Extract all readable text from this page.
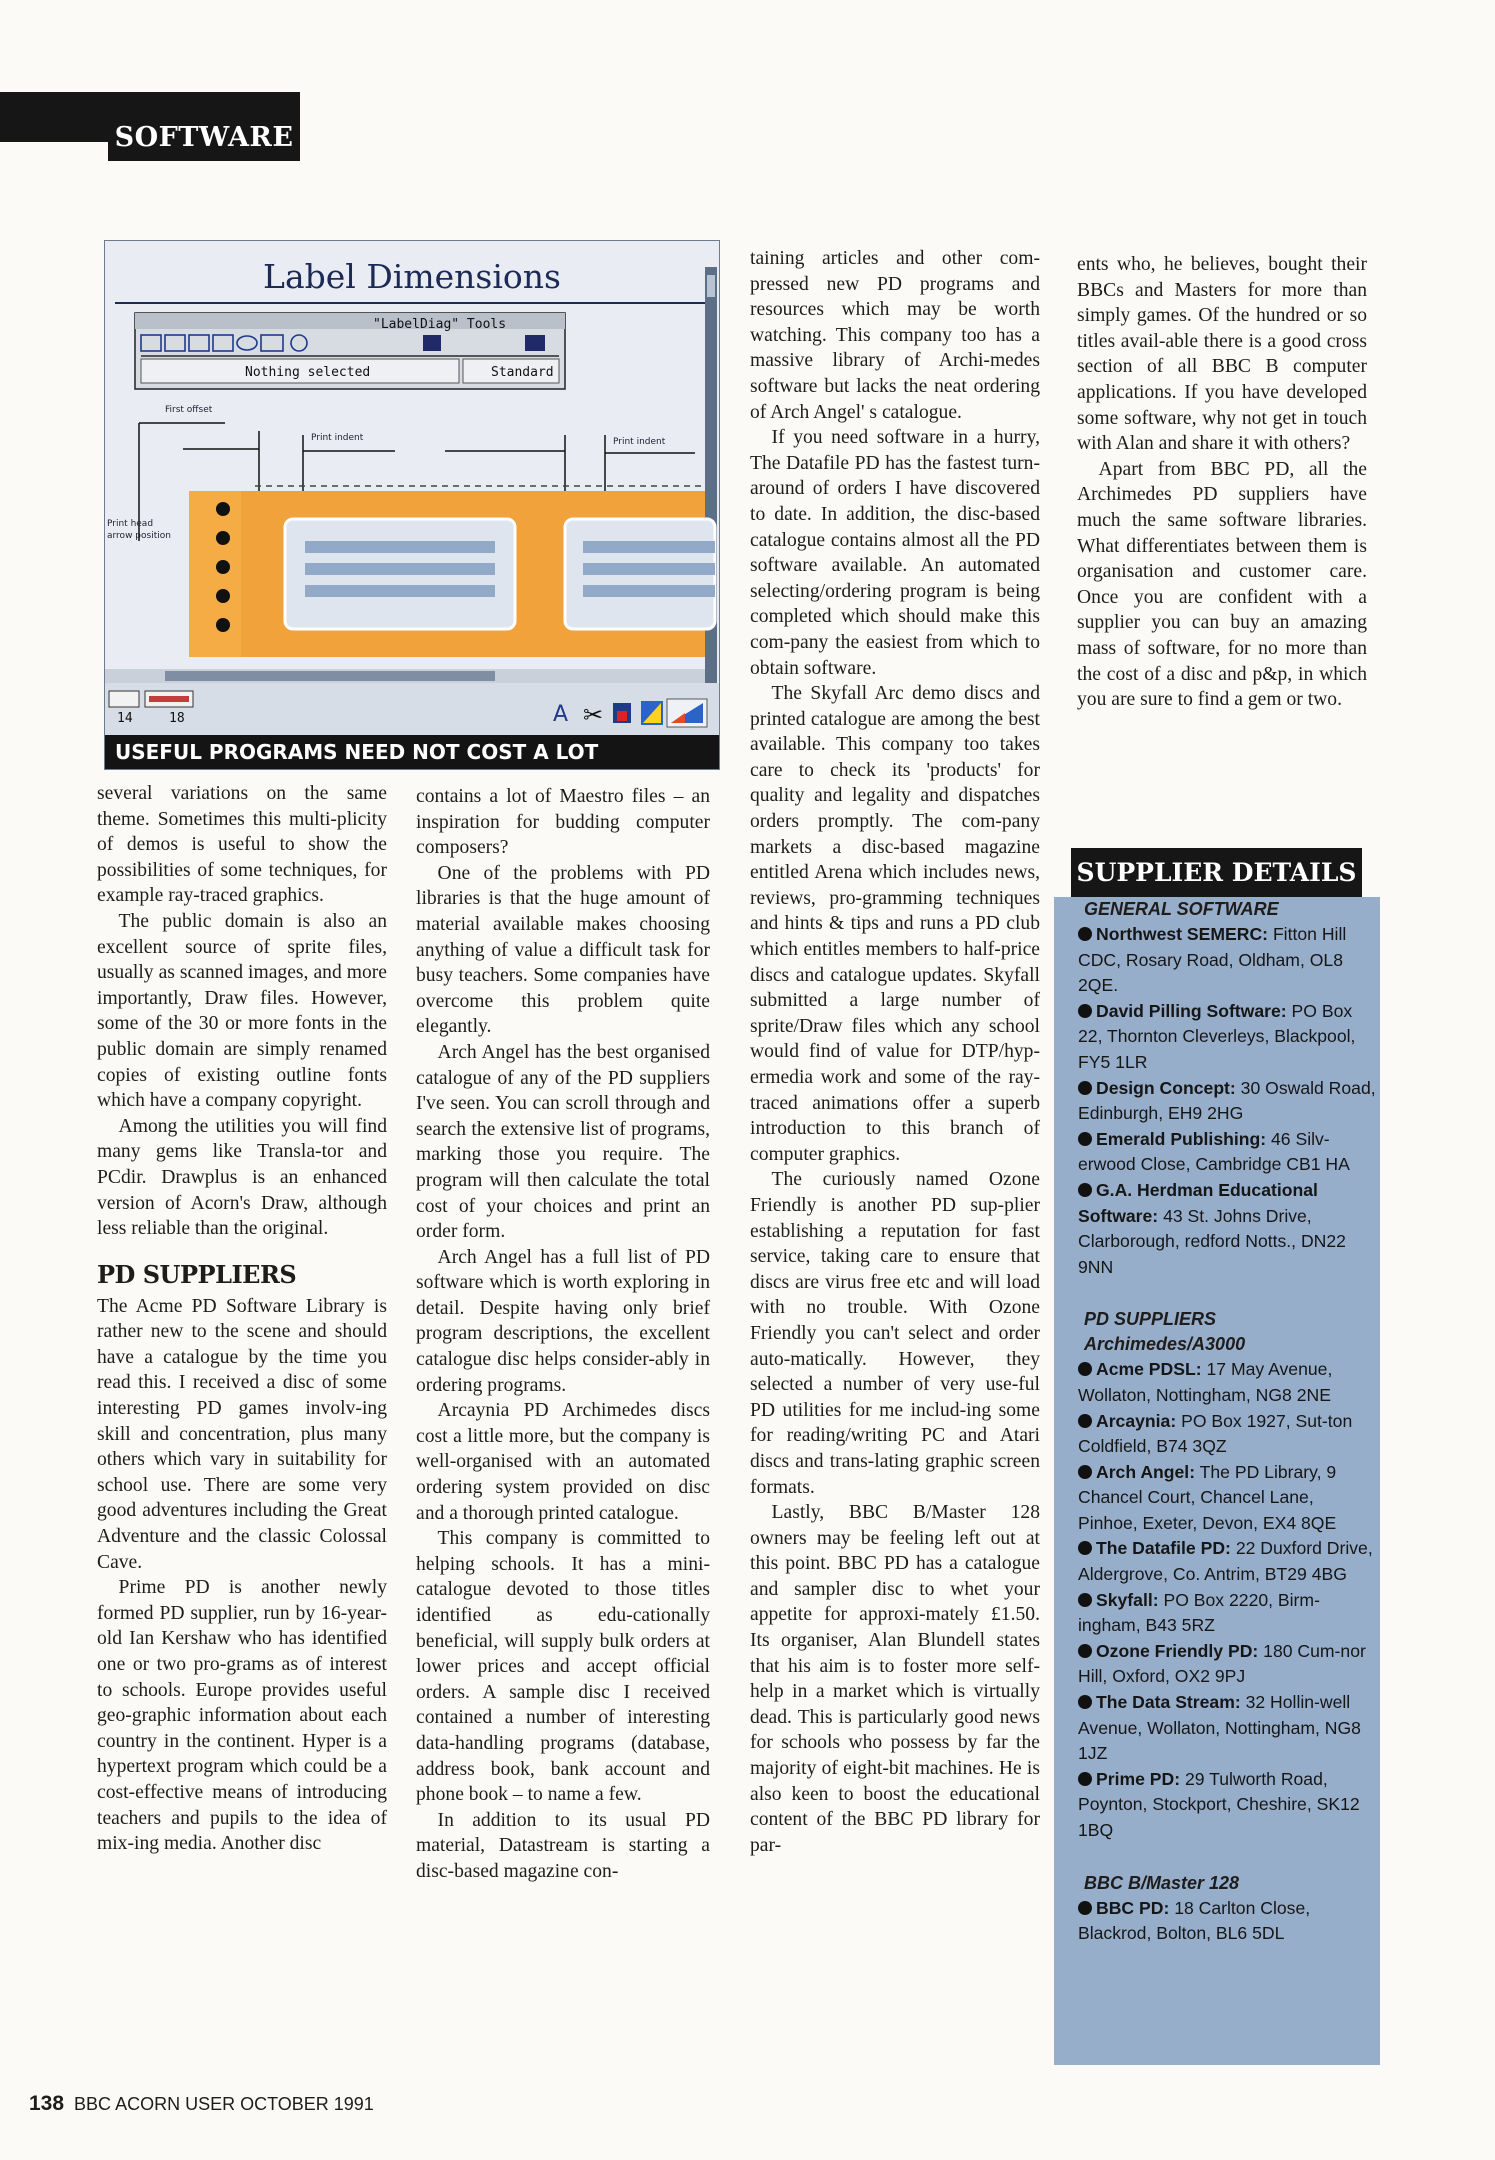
SOFTWARE
A ✂
Label Dimensions
"LabelDiag" Tools
Nothing selected	Standard
First offset
Print indent	Print indent
Print head
arrow position
14	18
USEFUL PROGRAMS NEED NOT COST A LOT

several variations on the same theme. Sometimes this multi-plicity of demos is useful to show the possibilities of some techniques, for example ray-traced graphics.

The public domain is also an excellent source of sprite files, usually as scanned images, and more importantly, Draw files. However, some of the 30 or more fonts in the public domain are simply renamed copies of existing outline fonts which have a company copyright.

Among the utilities you will find many gems like Transla-tor and PCdir. Drawplus is an enhanced version of Acorn's Draw, although less reliable than the original.

PD SUPPLIERS

The Acme PD Software Library is rather new to the scene and should have a catalogue by the time you read this. I received a disc of some interesting PD games involv-ing skill and concentration, plus many others which vary in suitability for school use. There are some very good adventures including the Great Adventure and the classic Colossal Cave.

Prime PD is another newly formed PD supplier, run by 16-year-old Ian Kershaw who has identified one or two pro-grams as of interest to schools. Europe provides useful geo-graphic information about each country in the continent. Hyper is a hypertext program which could be a cost-effective means of introducing teachers and pupils to the idea of mix-ing media. Another disc

contains a lot of Maestro files – an inspiration for budding computer composers?

One of the problems with PD libraries is that the huge amount of material available makes choosing anything of value a difficult task for busy teachers. Some companies have overcome this problem quite elegantly.

Arch Angel has the best organised catalogue of any of the PD suppliers I've seen. You can scroll through and search the extensive list of programs, marking those you require. The program will then calculate the total cost of your choices and print an order form.

Arch Angel has a full list of PD software which is worth exploring in detail. Despite having only brief program descriptions, the excellent catalogue disc helps consider-ably in ordering programs.

Arcaynia PD Archimedes discs cost a little more, but the company is well-organised with an automated ordering system provided on disc and a thorough printed catalogue.

This company is committed to helping schools. It has a mini-catalogue devoted to those titles identified as edu-cationally beneficial, will supply bulk orders at lower prices and accept official orders. A sample disc I received contained a number of interesting data-handling programs (database, address book, bank account and phone book – to name a few.

In addition to its usual PD material, Datastream is starting a disc-based magazine con-

taining articles and other com-pressed new PD programs and resources which may be worth watching. This company too has a massive library of Archi-medes software but lacks the neat ordering of Arch Angel' s catalogue.

If you need software in a hurry, The Datafile PD has the fastest turn-around of orders I have discovered to date. In addition, the disc-based catalogue contains almost all the PD software available. An automated selecting/ordering program is being completed which should make this com-pany the easiest from which to obtain software.

The Skyfall Arc demo discs and printed catalogue are among the best available. This company too takes care to check its 'products' for quality and legality and dispatches orders promptly. The com-pany markets a disc-based magazine entitled Arena which includes news, reviews, pro-gramming techniques and hints & tips and runs a PD club which entitles members to half-price discs and catalogue updates. Skyfall submitted a large number of sprite/Draw files which any school would find of value for DTP/hyp-ermedia work and some of the ray-traced animations offer a superb introduction to this branch of computer graphics.

The curiously named Ozone Friendly is another PD sup-plier establishing a reputation for fast service, taking care to ensure that discs are virus free etc and will load with no trouble. With Ozone Friendly you can't select and order auto-matically. However, they selected a number of very use-ful PD utilities for me includ-ing some for reading/writing PC and Atari discs and trans-lating graphic screen formats.

Lastly, BBC B/Master 128 owners may be feeling left out at this point. BBC PD has a catalogue and sampler disc to whet your appetite for approxi-mately £1.50. Its organiser, Alan Blundell states that his aim is to foster more self-help in a market which is virtually dead. This is particularly good news for schools who possess by far the majority of eight-bit machines. He is also keen to boost the educational content of the BBC PD library for par-

ents who, he believes, bought their BBCs and Masters for more than simply games. Of the hundred or so titles avail-able there is a good cross section of all BBC B computer applications. If you have developed some software, why not get in touch with Alan and share it with others?

Apart from BBC PD, all the Archimedes PD suppliers have much the same software libraries. What differentiates between them is organisation and customer care. Once you are confident with a supplier you can buy an amazing mass of software, for no more than the cost of a disc and p&p, in which you are sure to find a gem or two.

SUPPLIER DETAILS
GENERAL SOFTWARE
Northwest SEMERC: Fitton Hill CDC, Rosary Road, Oldham, OL8 2QE.
David Pilling Software: PO Box 22, Thornton Cleverleys, Blackpool, FY5 1LR
Design Concept: 30 Oswald Road, Edinburgh, EH9 2HG
Emerald Publishing: 46 Silv-erwood Close, Cambridge CB1 HA
G.A. Herdman Educational Software: 43 St. Johns Drive, Clarborough, redford Notts., DN22 9NN
PD SUPPLIERS
Archimedes/A3000
Acme PDSL: 17 May Avenue, Wollaton, Nottingham, NG8 2NE
Arcaynia: PO Box 1927, Sut-ton Coldfield, B74 3QZ
Arch Angel: The PD Library, 9 Chancel Court, Chancel Lane, Pinhoe, Exeter, Devon, EX4 8QE
The Datafile PD: 22 Duxford Drive, Aldergrove, Co. Antrim, BT29 4BG
Skyfall: PO Box 2220, Birm-ingham, B43 5RZ
Ozone Friendly PD: 180 Cum-nor Hill, Oxford, OX2 9PJ
The Data Stream: 32 Hollin-well Avenue, Wollaton, Nottingham, NG8 1JZ
Prime PD: 29 Tulworth Road, Poynton, Stockport, Cheshire, SK12 1BQ
BBC B/Master 128
BBC PD: 18 Carlton Close, Blackrod, Bolton, BL6 5DL
138 BBC ACORN USER OCTOBER 1991
